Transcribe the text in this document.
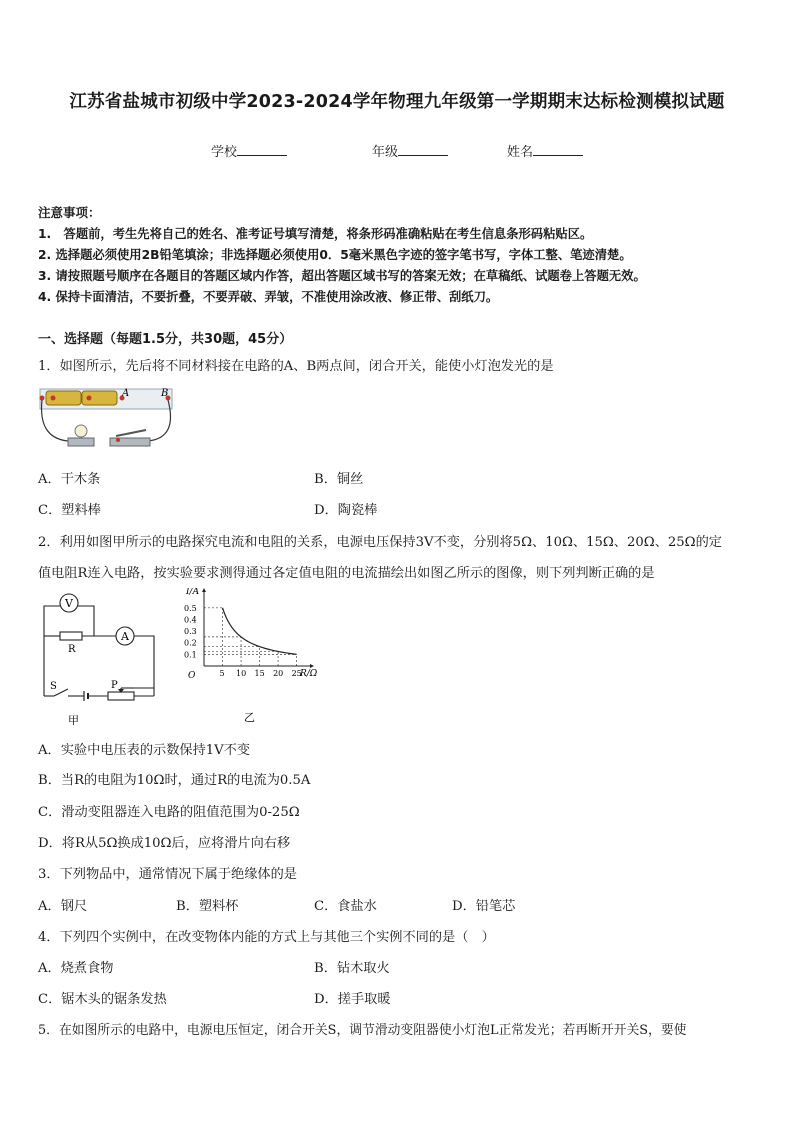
江苏省盐城市初级中学2023-2024学年物理九年级第一学期期末达标检测模拟试题
学校	年级	姓名
注意事项：
1.　答题前，考生先将自己的姓名、准考证号填写清楚，将条形码准确粘贴在考生信息条形码粘贴区。
2. 选择题必须使用2B铅笔填涂；非选择题必须使用0．5毫米黑色字迹的签字笔书写，字体工整、笔迹清楚。
3. 请按照题号顺序在各题目的答题区域内作答，超出答题区域书写的答案无效；在草稿纸、试题卷上答题无效。
4. 保持卡面清洁，不要折叠，不要弄破、弄皱，不准使用涂改液、修正带、刮纸刀。
一、选择题（每题1.5分，共30题，45分）
1．如图所示，先后将不同材料接在电路的A、B两点间，闭合开关，能使小灯泡发光的是
A	B
A．干木条	B．铜丝
C．塑料棒	D．陶瓷棒
2．利用如图甲所示的电路探究电流和电阻的关系，电源电压保持3V不变，分别将5Ω、10Ω、15Ω、20Ω、25Ω的定
值电阻R连入电路，按实验要求测得通过各定值电阻的电流描绘出如图乙所示的图像，则下列判断正确的是
V
R
A
S	P
甲
5 10 15 20 25
0.1
0.2
0.3
0.4
0.5
I/A
R/Ω
O
乙
A．实验中电压表的示数保持1V不变
B．当R的电阻为10Ω时，通过R的电流为0.5A
C．滑动变阻器连入电路的阻值范围为0-25Ω
D．将R从5Ω换成10Ω后，应将滑片向右移
3．下列物品中，通常情况下属于绝缘体的是
A．钢尺	B．塑料杯	C．食盐水	D．铅笔芯
4．下列四个实例中，在改变物体内能的方式上与其他三个实例不同的是（　）
A．烧煮食物	B．钻木取火
C．锯木头的锯条发热	D．搓手取暖
5．在如图所示的电路中，电源电压恒定，闭合开关S，调节滑动变阻器使小灯泡L正常发光；若再断开开关S，要使
